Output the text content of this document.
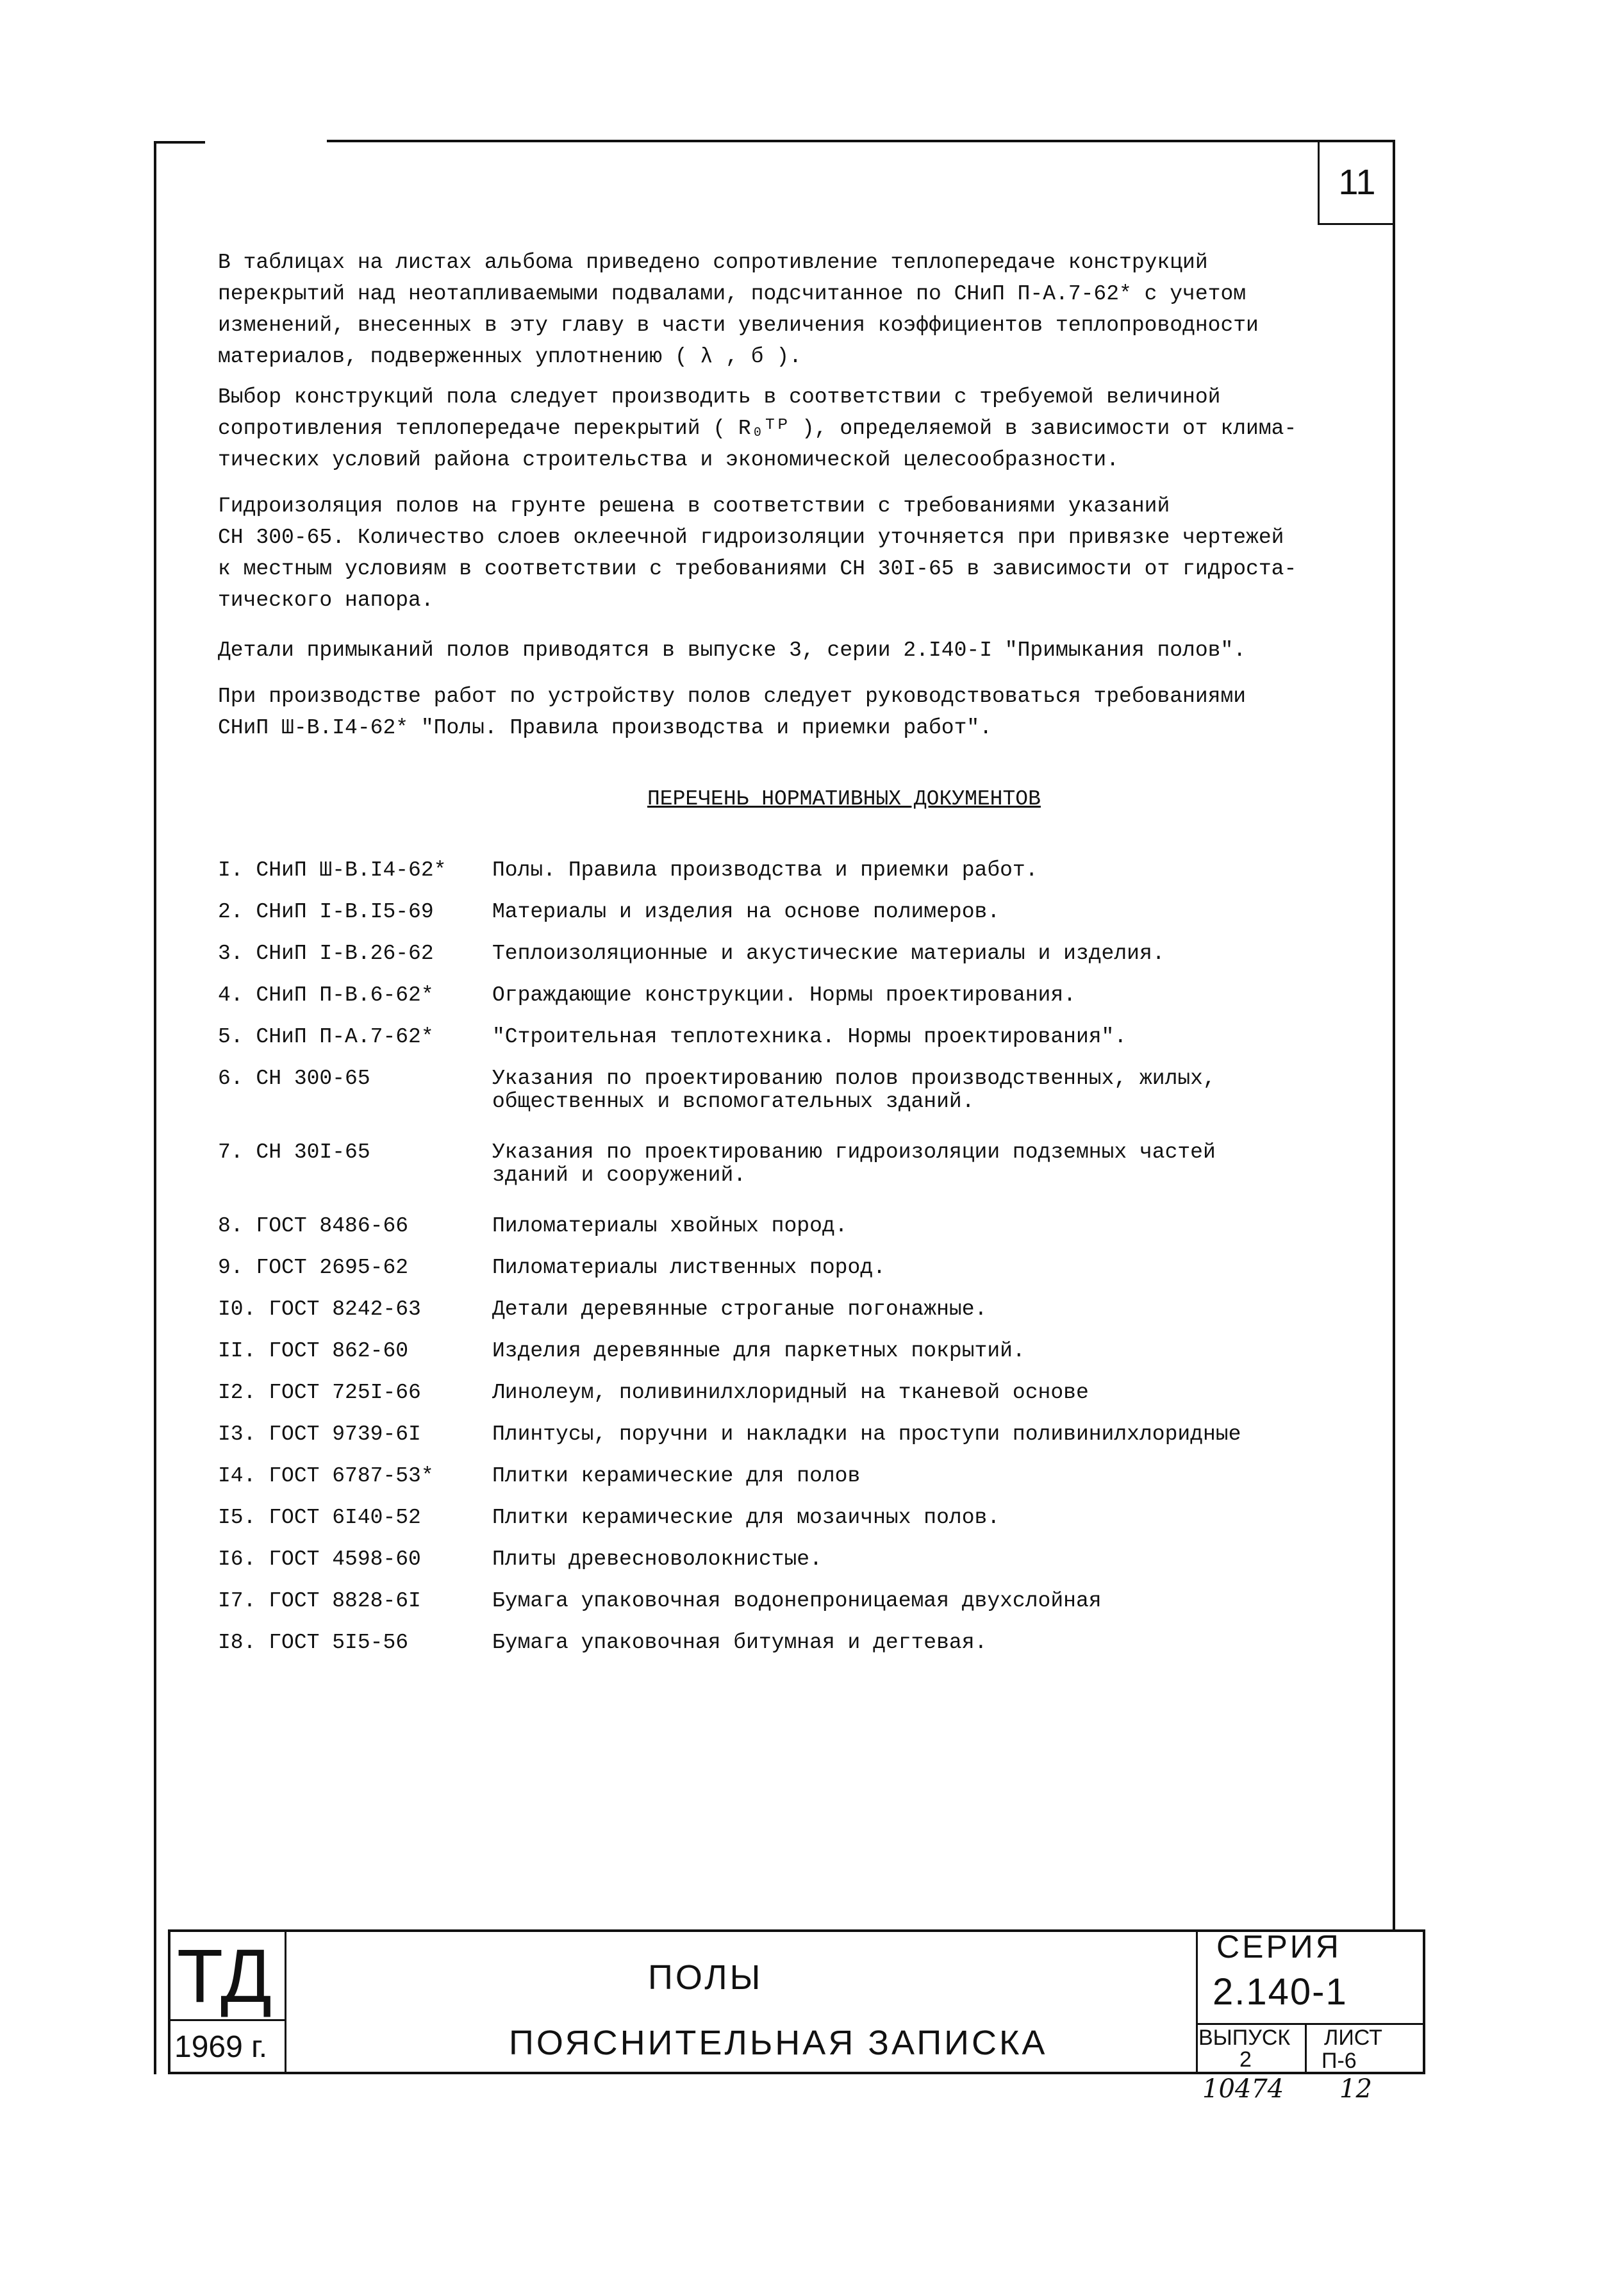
11
В таблицах на листах альбома приведено сопротивление теплопередаче конструкций
перекрытий над неотапливаемыми подвалами, подсчитанное по СНиП П-А.7-62* с учетом
изменений, внесенных в эту главу в части увеличения коэффициентов теплопроводности
материалов, подверженных уплотнению ( λ , б ).
Выбор конструкций пола следует производить в соответствии с требуемой величиной
сопротивления теплопередаче перекрытий ( R₀ᵀᴾ ), определяемой в зависимости от клима-
тических условий района строительства и экономической целесообразности.
Гидроизоляция полов на грунте решена в соответствии с требованиями указаний
СН 300-65. Количество слоев оклеечной гидроизоляции уточняется при привязке чертежей
к местным условиям в соответствии с требованиями СН 30I-65 в зависимости от гидроста-
тического напора.
Детали примыканий полов приводятся в выпуске 3, серии 2.I40-I "Примыкания полов".
При производстве работ по устройству полов следует руководствоваться требованиями
СНиП Ш-В.I4-62* "Полы. Правила производства и приемки работ".
ПЕРЕЧЕНЬ НОРМАТИВНЫХ ДОКУМЕНТОВ
I. СНиП Ш-В.I4-62* Полы. Правила производства и приемки работ.
2. СНиП I-В.I5-69	Материалы и изделия на основе полимеров.
3. СНиП I-В.26-62	Теплоизоляционные и акустические материалы и изделия.
4. СНиП П-В.6-62*	Ограждающие конструкции. Нормы проектирования.
5. СНиП П-А.7-62*	"Строительная теплотехника. Нормы проектирования".
6. СН 300-65	Указания по проектированию полов производственных, жилых,
общественных и вспомогательных зданий.
7. СН 30I-65	Указания по проектированию гидроизоляции подземных частей
зданий и сооружений.
8. ГОСТ 8486-66	Пиломатериалы хвойных пород.
9. ГОСТ 2695-62	Пиломатериалы лиственных пород.
I0. ГОСТ 8242-63	Детали деревянные строганые погонажные.
II. ГОСТ 862-60	Изделия деревянные для паркетных покрытий.
I2. ГОСТ 725I-66	Линолеум, поливинилхлоридный на тканевой основе
I3. ГОСТ 9739-6I	Плинтусы, поручни и накладки на проступи поливинилхлоридные
I4. ГОСТ 6787-53*	Плитки керамические для полов
I5. ГОСТ 6I40-52	Плитки керамические для мозаичных полов.
I6. ГОСТ 4598-60	Плиты древесноволокнистые.
I7. ГОСТ 8828-6I	Бумага упаковочная водонепроницаемая двухслойная
I8. ГОСТ 5I5-56	Бумага упаковочная битумная и дегтевая.
ТД
1969 г.
ПОЛЫ
ПОЯСНИТЕЛЬНАЯ ЗАПИСКА
СЕРИЯ
2.140-1
ВЫПУСК
2
ЛИСТ
П-6
10474 12
